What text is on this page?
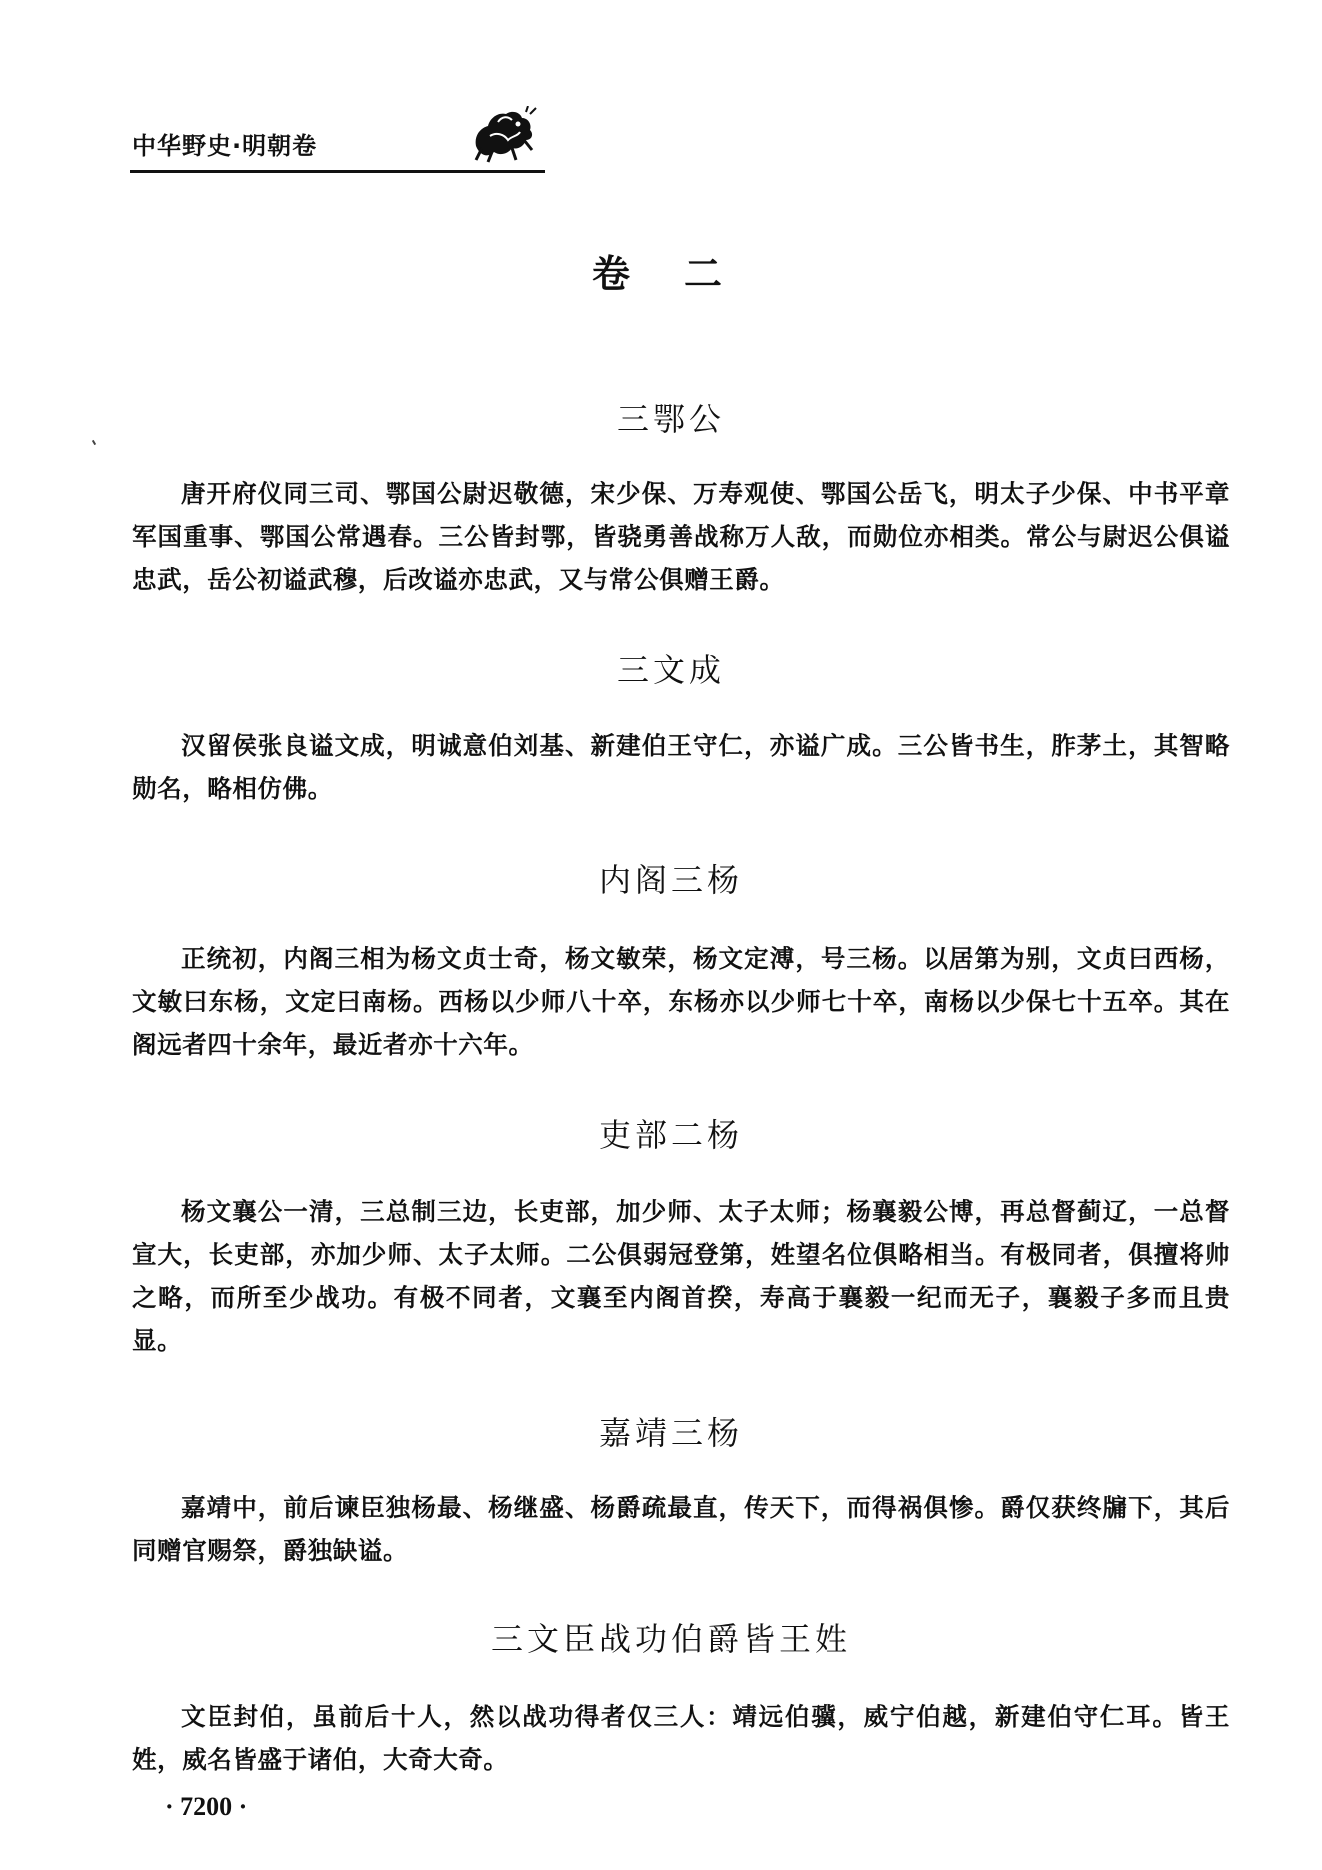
中华野史·明朝卷
卷　二
三鄂公
唐开府仪同三司、鄂国公尉迟敬德，宋少保、万寿观使、鄂国公岳飞，明太子少保、中书平章军国重事、鄂国公常遇春。三公皆封鄂，皆骁勇善战称万人敌，而勋位亦相类。常公与尉迟公俱谥忠武，岳公初谥武穆，后改谥亦忠武，又与常公俱赠王爵。
三文成
汉留侯张良谥文成，明诚意伯刘基、新建伯王守仁，亦谥广成。三公皆书生，胙茅土，其智略勋名，略相仿佛。
内阁三杨
正统初，内阁三相为杨文贞士奇，杨文敏荣，杨文定溥，号三杨。以居第为别，文贞曰西杨，文敏曰东杨，文定曰南杨。西杨以少师八十卒，东杨亦以少师七十卒，南杨以少保七十五卒。其在阁远者四十余年，最近者亦十六年。
吏部二杨
杨文襄公一清，三总制三边，长吏部，加少师、太子太师；杨襄毅公博，再总督蓟辽，一总督宣大，长吏部，亦加少师、太子太师。二公俱弱冠登第，姓望名位俱略相当。有极同者，俱擅将帅之略，而所至少战功。有极不同者，文襄至内阁首揆，寿高于襄毅一纪而无子，襄毅子多而且贵显。
嘉靖三杨
嘉靖中，前后谏臣独杨最、杨继盛、杨爵疏最直，传天下，而得祸俱惨。爵仅获终牖下，其后同赠官赐祭，爵独缺谥。
三文臣战功伯爵皆王姓
文臣封伯，虽前后十人，然以战功得者仅三人：靖远伯骥，威宁伯越，新建伯守仁耳。皆王姓，威名皆盛于诸伯，大奇大奇。
· 7200 ·
